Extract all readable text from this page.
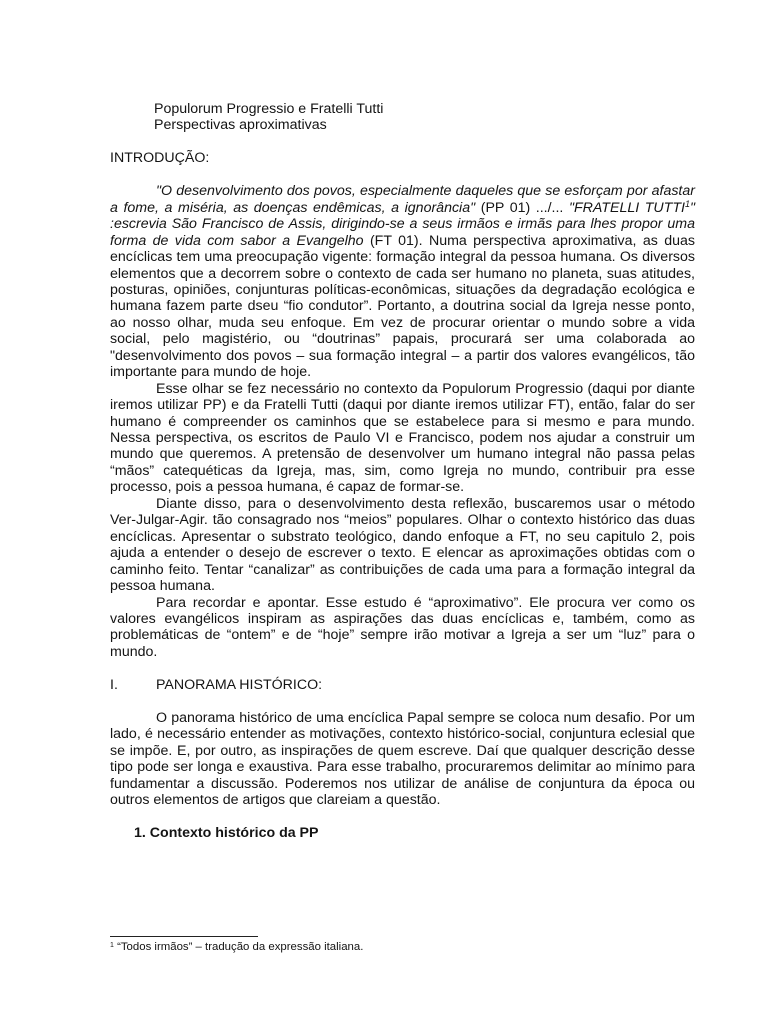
Populorum Progressio e Fratelli Tutti
Perspectivas aproximativas
INTRODUÇÃO:

"O desenvolvimento dos povos, especialmente daqueles que se esforçam por afastar a fome, a miséria, as doenças endêmicas, a ignorância" (PP 01) .../... "FRATELLI TUTTI$^1$" :escrevia São Francisco de Assis, dirigindo-se a seus irmãos e irmãs para lhes propor uma forma de vida com sabor a Evangelho (FT 01). Numa perspectiva aproximativa, as duas encíclicas tem uma preocupação vigente: formação integral da pessoa humana. Os diversos elementos que a decorrem sobre o contexto de cada ser humano no planeta, suas atitudes, posturas, opiniões, conjunturas políticas-econômicas, situações da degradação ecológica e humana fazem parte dseu “fio condutor”. Portanto, a doutrina social da Igreja nesse ponto, ao nosso olhar, muda seu enfoque. Em vez de procurar orientar o mundo sobre a vida social, pelo magistério, ou “doutrinas” papais, procurará ser uma colaborada ao "desenvolvimento dos povos – sua formação integral – a partir dos valores evangélicos, tão importante para mundo de hoje.

Esse olhar se fez necessário no contexto da Populorum Progressio (daqui por diante iremos utilizar PP) e da Fratelli Tutti (daqui por diante iremos utilizar FT), então, falar do ser humano é compreender os caminhos que se estabelece para si mesmo e para mundo. Nessa perspectiva, os escritos de Paulo VI e Francisco, podem nos ajudar a construir um mundo que queremos. A pretensão de desenvolver um humano integral não passa pelas “mãos” catequéticas da Igreja, mas, sim, como Igreja no mundo, contribuir pra esse processo, pois a pessoa humana, é capaz de formar-se.

Diante disso, para o desenvolvimento desta reflexão, buscaremos usar o método Ver-Julgar-Agir. tão consagrado nos “meios” populares. Olhar o contexto histórico das duas encíclicas. Apresentar o substrato teológico, dando enfoque a FT, no seu capitulo 2, pois ajuda a entender o desejo de escrever o texto. E elencar as aproximações obtidas com o caminho feito. Tentar “canalizar” as contribuições de cada uma para a formação integral da pessoa humana.

Para recordar e apontar. Esse estudo é “aproximativo”. Ele procura ver como os valores evangélicos inspiram as aspirações das duas encíclicas e, também, como as problemáticas de “ontem” e de “hoje” sempre irão motivar a Igreja a ser um “luz” para o mundo.

I.	PANORAMA HISTÓRICO:

O panorama histórico de uma encíclica Papal sempre se coloca num desafio. Por um lado, é necessário entender as motivações, contexto histórico-social, conjuntura eclesial que se impõe. E, por outro, as inspirações de quem escreve. Daí que qualquer descrição desse tipo pode ser longa e exaustiva. Para esse trabalho, procuraremos delimitar ao mínimo para fundamentar a discussão. Poderemos nos utilizar de análise de conjuntura da época ou outros elementos de artigos que clareiam a questão.

1. Contexto histórico da PP
$^1$ “Todos irmãos” – tradução da expressão italiana.
